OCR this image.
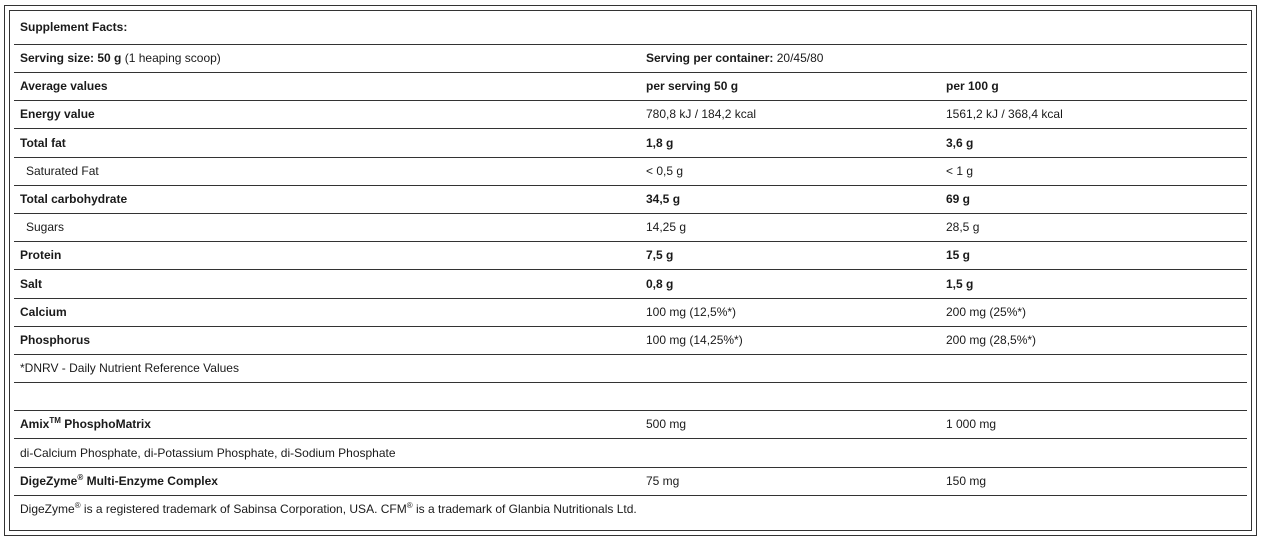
Supplement Facts:
Serving size: 50 g (1 heaping scoop)	Serving per container: 20/45/80
Average values	per serving 50 g	per 100 g
Energy value	780,8 kJ / 184,2 kcal	1561,2 kJ / 368,4 kcal
Total fat	1,8 g	3,6 g
Saturated Fat	< 0,5 g	< 1 g
Total carbohydrate	34,5 g	69 g
Sugars	14,25 g	28,5 g
Protein	7,5 g	15 g
Salt	0,8 g	1,5 g
Calcium	100 mg (12,5%*)	200 mg (25%*)
Phosphorus	100 mg (14,25%*)	200 mg (28,5%*)
*DNRV - Daily Nutrient Reference Values
Amix™ PhosphoMatrix	500 mg	1 000 mg
di-Calcium Phosphate, di-Potassium Phosphate, di-Sodium Phosphate
DigeZyme® Multi-Enzyme Complex	75 mg	150 mg
DigeZyme® is a registered trademark of Sabinsa Corporation, USA. CFM® is a trademark of Glanbia Nutritionals Ltd.
